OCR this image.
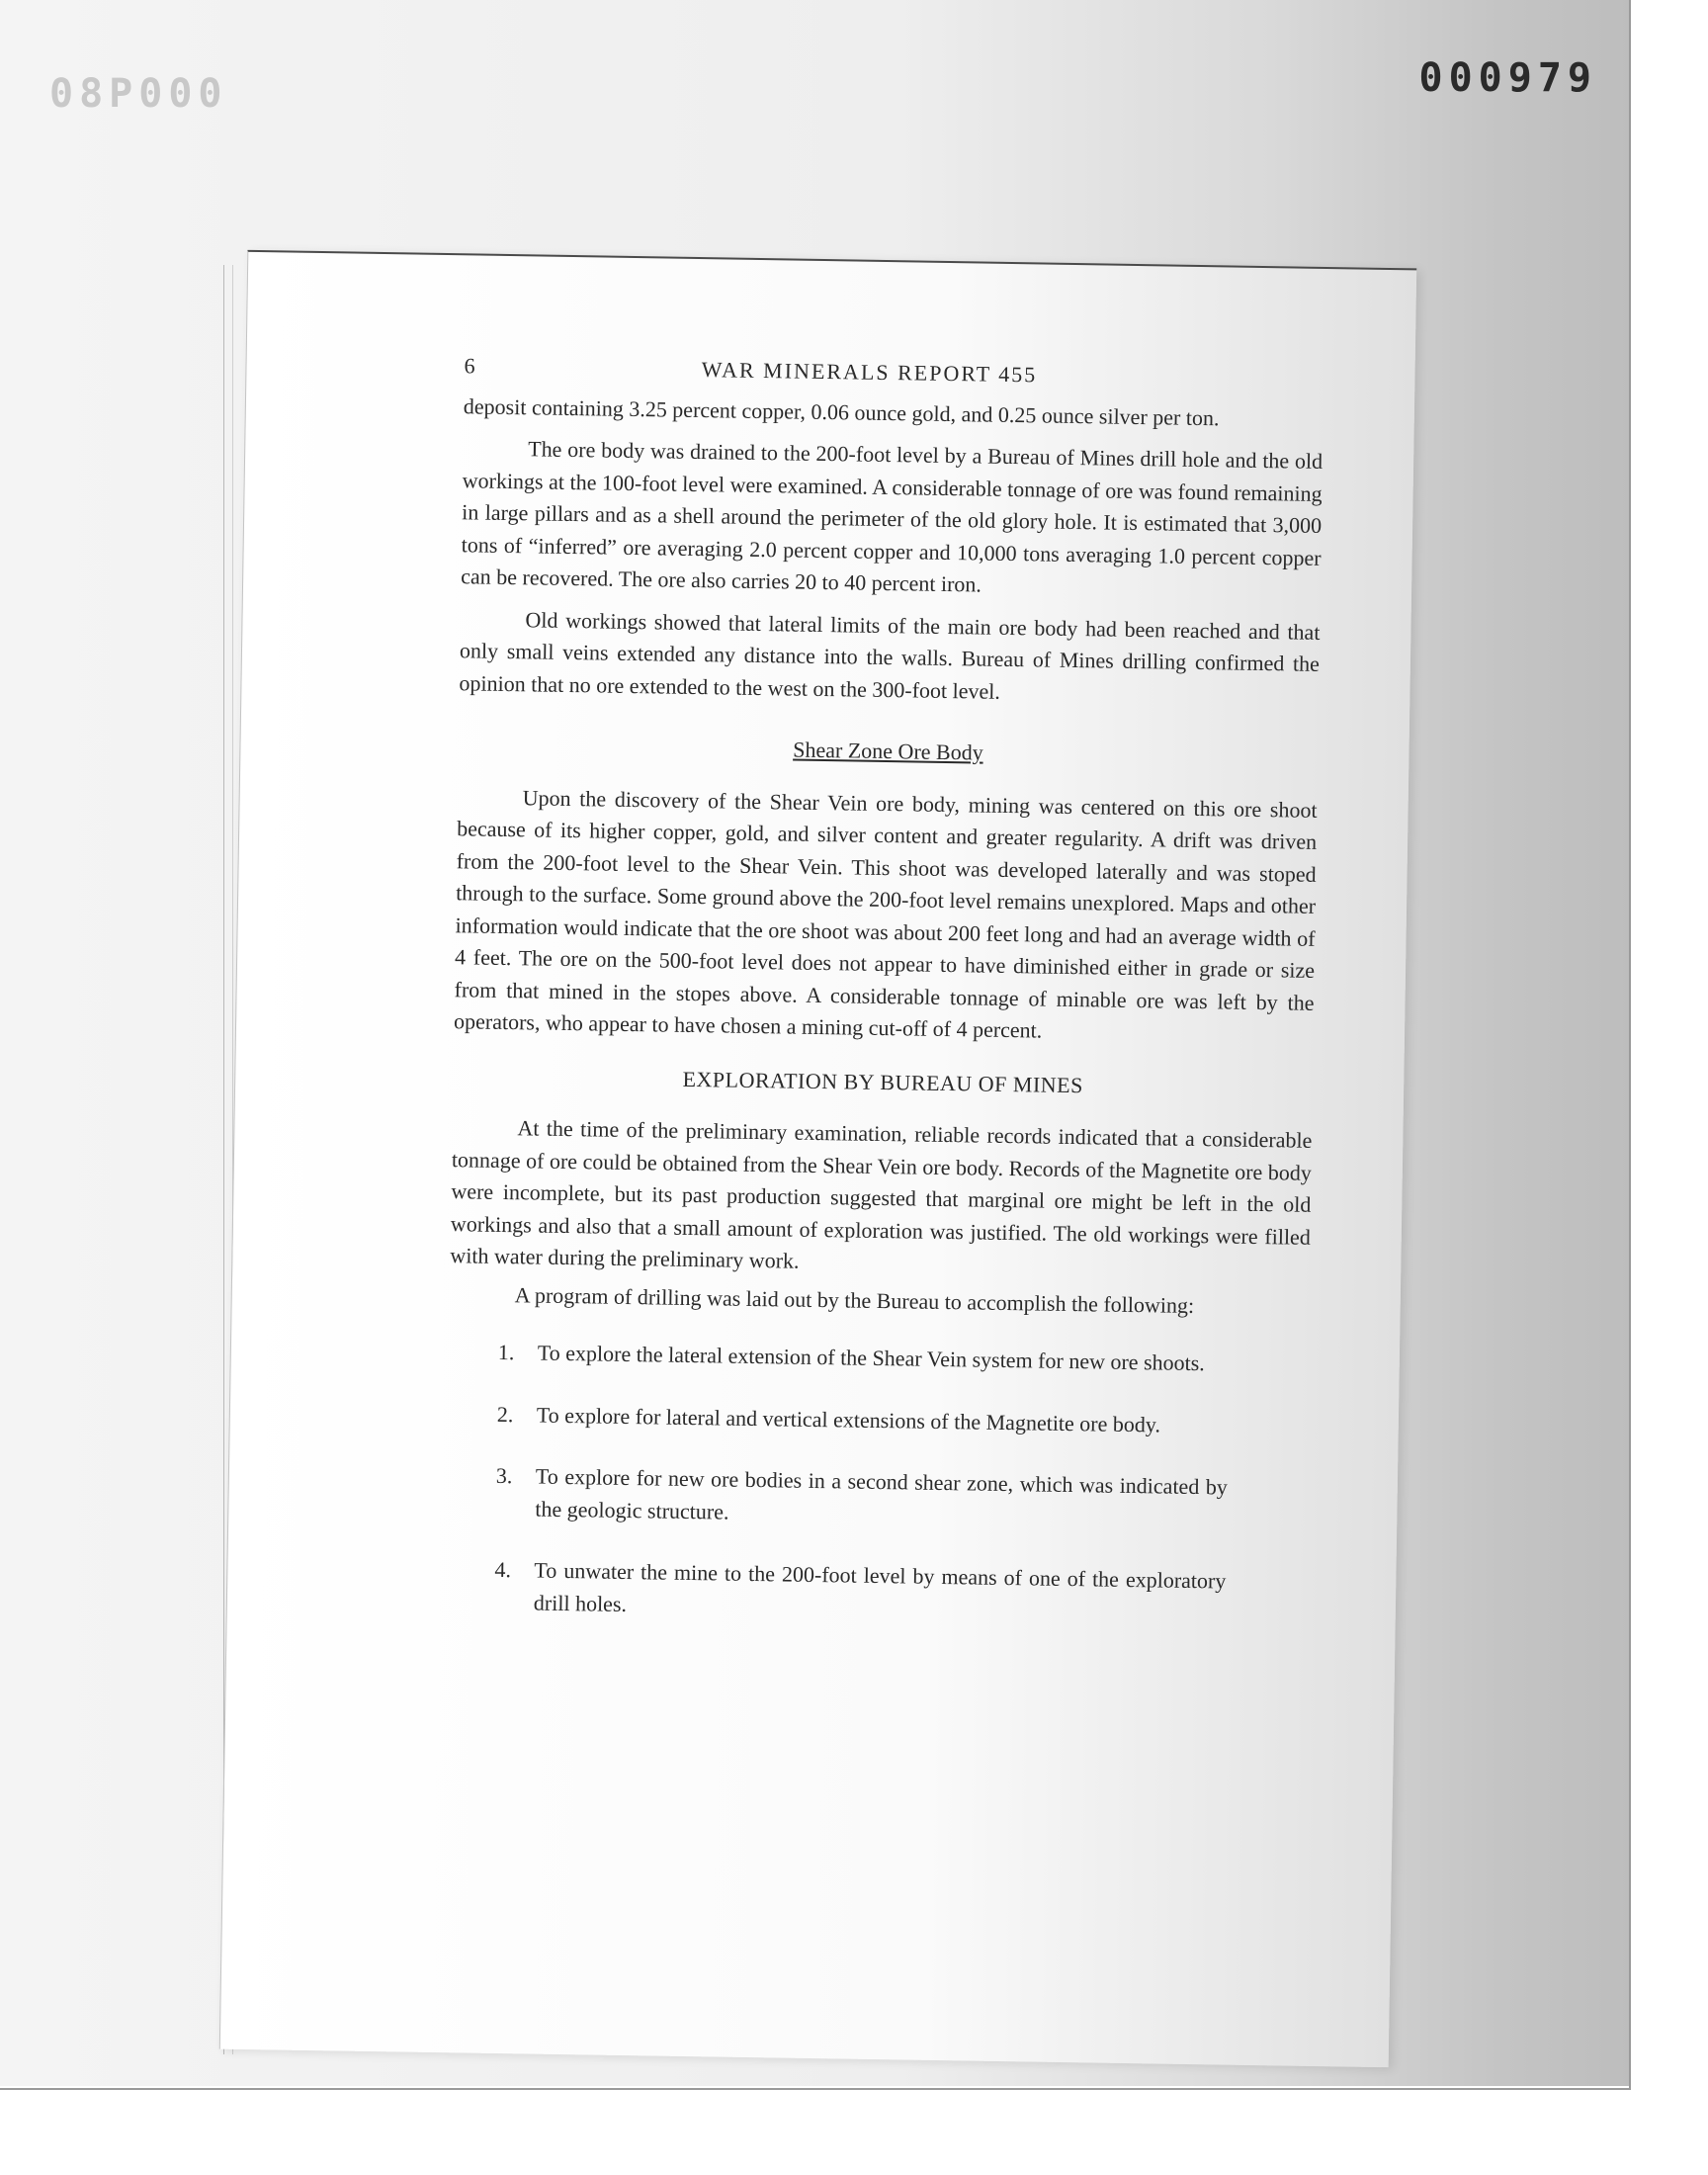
08P000	000979
6	WAR MINERALS REPORT 455

deposit containing 3.25 percent copper, 0.06 ounce gold, and 0.25 ounce silver per ton.

The ore body was drained to the 200-foot level by a Bureau of Mines drill hole and the old workings at the 100-foot level were examined. A considerable tonnage of ore was found remaining in large pillars and as a shell around the perimeter of the old glory hole. It is estimated that 3,000 tons of “inferred” ore averaging 2.0 percent copper and 10,000 tons averaging 1.0 percent copper can be recovered. The ore also carries 20 to 40 percent iron.

Old workings showed that lateral limits of the main ore body had been reached and that only small veins extended any distance into the walls. Bureau of Mines drilling confirmed the opinion that no ore extended to the west on the 300-foot level.

Shear Zone Ore Body

Upon the discovery of the Shear Vein ore body, mining was centered on this ore shoot because of its higher copper, gold, and silver content and greater regularity. A drift was driven from the 200-foot level to the Shear Vein. This shoot was developed laterally and was stoped through to the surface. Some ground above the 200-foot level remains unexplored. Maps and other information would indicate that the ore shoot was about 200 feet long and had an average width of 4 feet. The ore on the 500-foot level does not appear to have diminished either in grade or size from that mined in the stopes above. A considerable tonnage of minable ore was left by the operators, who appear to have chosen a mining cut-off of 4 percent.

EXPLORATION BY BUREAU OF MINES

At the time of the preliminary examination, reliable records indicated that a considerable tonnage of ore could be obtained from the Shear Vein ore body. Records of the Magnetite ore body were incomplete, but its past production suggested that marginal ore might be left in the old workings and also that a small amount of exploration was justified. The old workings were filled with water during the preliminary work.

A program of drilling was laid out by the Bureau to accomplish the following:

1.	To explore the lateral extension of the Shear Vein system for new ore shoots.
2.	To explore for lateral and vertical extensions of the Magnetite ore body.
3.	To explore for new ore bodies in a second shear zone, which was indicated by the geologic structure.
4.	To unwater the mine to the 200-foot level by means of one of the exploratory drill holes.
